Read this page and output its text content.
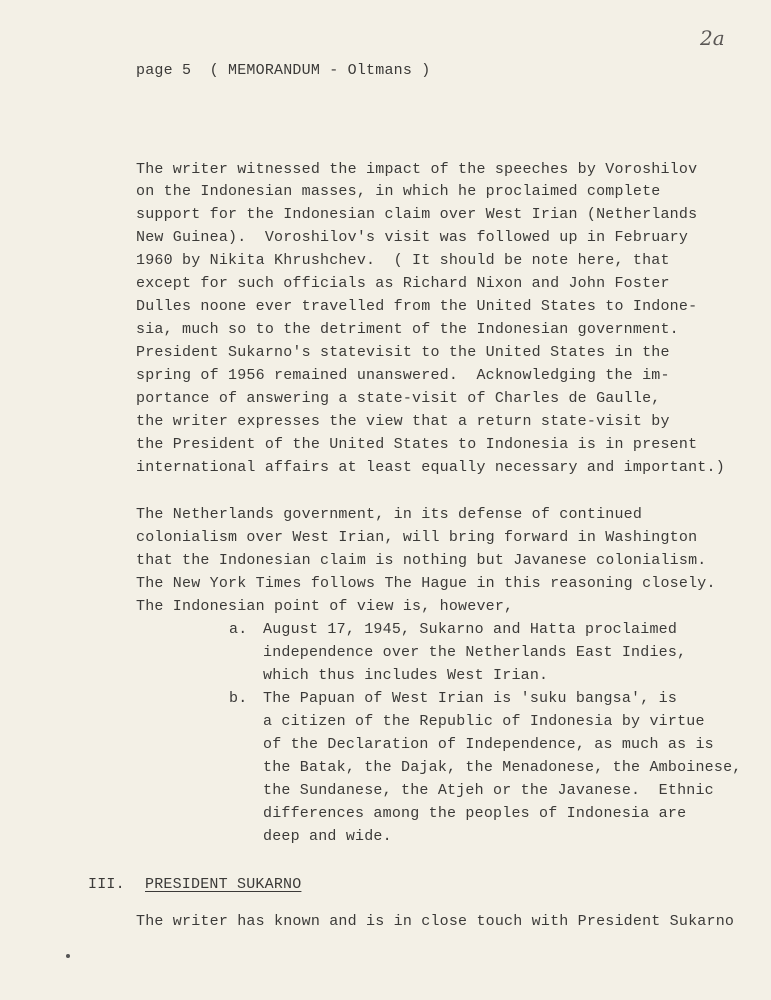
2a
page 5  ( MEMORANDUM - Oltmans )
The writer witnessed the impact of the speeches by Voroshilov
on the Indonesian masses, in which he proclaimed complete
support for the Indonesian claim over West Irian (Netherlands
New Guinea).  Voroshilov's visit was followed up in February
1960 by Nikita Khrushchev.  ( It should be note here, that
except for such officials as Richard Nixon and John Foster
Dulles noone ever travelled from the United States to Indone-
sia, much so to the detriment of the Indonesian government.
President Sukarno's statevisit to the United States in the
spring of 1956 remained unanswered.  Acknowledging the im-
portance of answering a state-visit of Charles de Gaulle,
the writer expresses the view that a return state-visit by
the President of the United States to Indonesia is in present
international affairs at least equally necessary and important.)
The Netherlands government, in its defense of continued
colonialism over West Irian, will bring forward in Washington
that the Indonesian claim is nothing but Javanese colonialism.
The New York Times follows The Hague in this reasoning closely.
The Indonesian point of view is, however,
a. August 17, 1945, Sukarno and Hatta proclaimed
independence over the Netherlands East Indies,
which thus includes West Irian.
b. The Papuan of West Irian is 'suku bangsa', is
a citizen of the Republic of Indonesia by virtue
of the Declaration of Independence, as much as is
the Batak, the Dajak, the Menadonese, the Amboinese,
the Sundanese, the Atjeh or the Javanese.  Ethnic
differences among the peoples of Indonesia are
deep and wide.
III. PRESIDENT SUKARNO
The writer has known and is in close touch with President Sukarno
